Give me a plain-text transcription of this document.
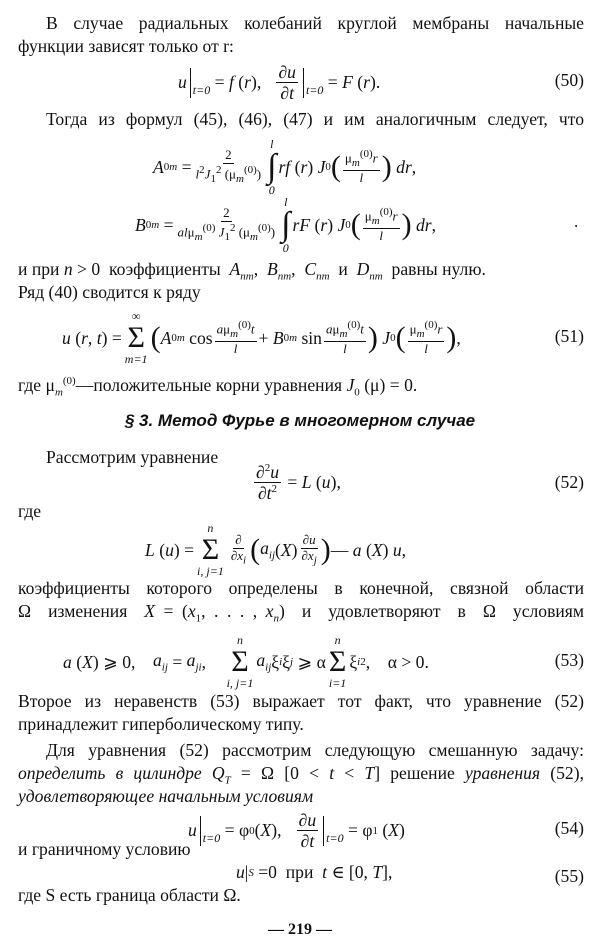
В случае радиальных колебаний круглой мембраны начальные
функции зависят только от r:
u t=0 = f ( r ), $\frac{\partial u}{\partial t} t=0 = F$ ( r ).	(50)
Тогда из формул (45), (46), (47) и им аналогичным следует, что
A $0m = \frac{2}{l^2J_1^2 (\mu_m^{(0)})}$
l
∫
0
rf ( r ) J 0 ( $\frac{\mu_m^{(0)}r}{l}$ )
dr ,
B $0m = \frac{2}{al\mu_m^{(0)} J_1^2 (\mu_m^{(0)})}$
l
∫
0
rF ( r ) J 0 ( $\frac{\mu_m^{(0)}r}{l}$ )
dr ,	.
и при n > 0  коэффициенты  $A_{nm}$,  $B_{nm}$,  $C_{nm}$  и  $D_{nm}$  равны нулю.
Ряд (40) сводится к ряду
u ( r , t ) =
∞
Σ
m=1
( A 0m $\cos \frac{a\mu_m^{(0)}t}{l} + B$ 0m $\sin \frac{a\mu_m^{(0)}t}{l}$ )
J 0 ( $\frac{\mu_m^{(0)}r}{l}$ ) ,	(51)
где $\mu_m^{(0)}—положительные$ корни уравнения $J_0$ (μ) = 0.
§ 3. Метод Фурье в многомерном случае
Рассмотрим уравнение
$\frac{\partial^2u}{\partial t^2} = L$ ( u ),	(52)
где
L ( u ) =
n
Σ
i, j=1
$\frac{\partial}{\partial x_i}$ ( $a_{ij}$ ( X ) $\frac{\partial u}{\partial x_j}$ ) — a ( X ) u ,
коэффициенты которого определены в конечной, связной области
Ω  изменения  $X = (x_1$, . . . , $x_n$)  и  удовлетворяют  в  Ω  условиям
a ( X ) ⩾ 0, $a_{ij} = a_{ji}$ ,
n
Σ
i, j=1
$a_{ij}$ ξ i ξ j ⩾ α
n
Σ
i=1
ξ i 2 ,    α > 0.	(53)
Второе из неравенств (53) выражает тот факт, что уравнение (52)
принадлежит гиперболическому типу.
Для уравнения (52) рассмотрим следующую смешанную задачу:
определить в цилиндре $Q_T = \Omega$ [0 < t < T] решение уравнения (52),
удовлетворяющее начальным условиям
u t=0 = φ 0 ( X ), $\frac{\partial u}{\partial t} t=0 = \varphi$ 1 ( X )	(54)
и граничному условию
u | S =0  при t ∈ [0, T ],	(55)
где S есть граница области Ω.
— 219 —
